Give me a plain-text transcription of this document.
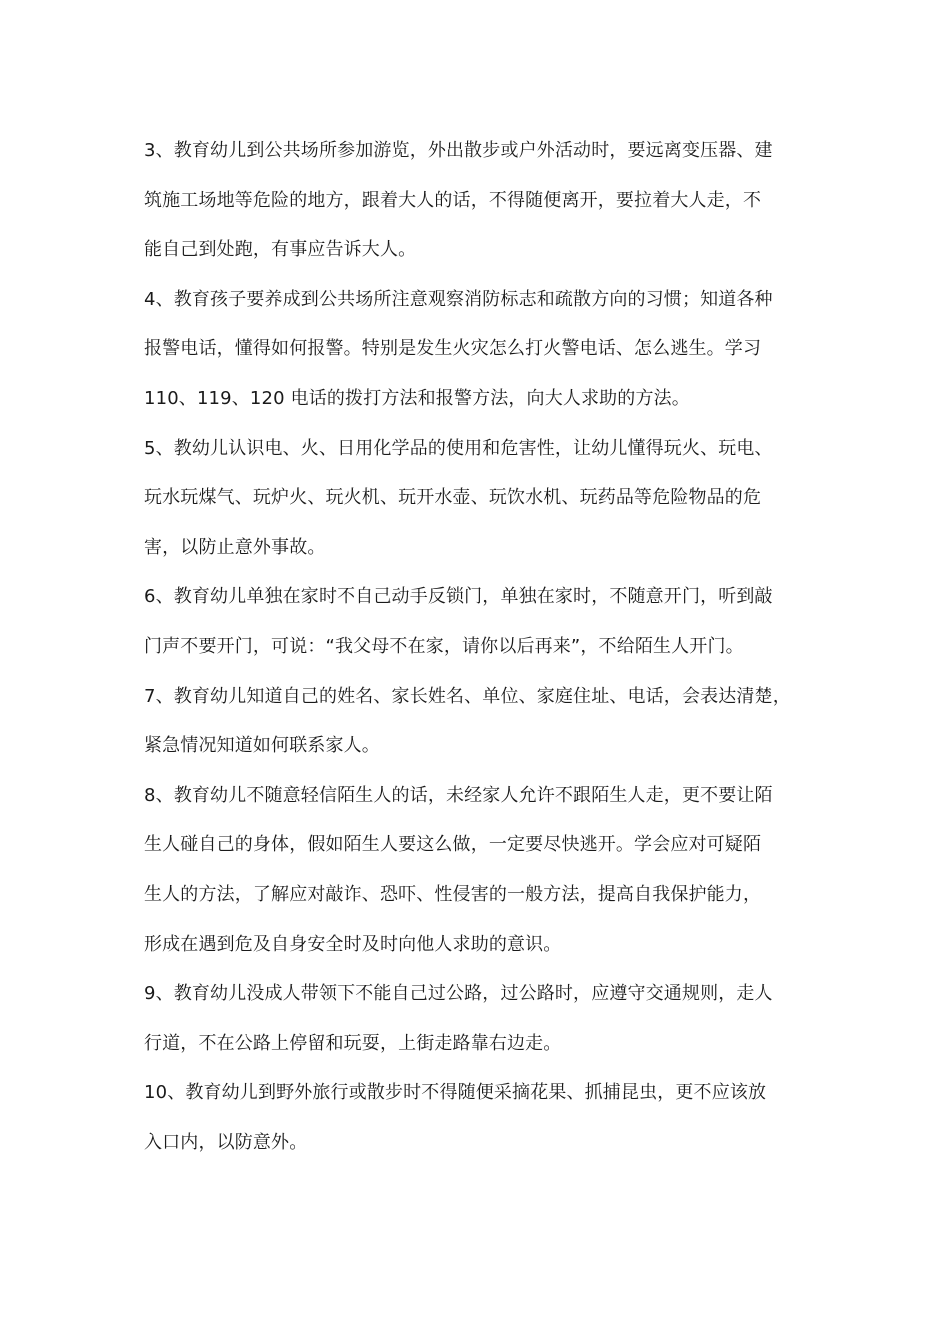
3、教育幼儿到公共场所参加游览，外出散步或户外活动时，要远离变压器、建
筑施工场地等危险的地方，跟着大人的话，不得随便离开，要拉着大人走，不
能自己到处跑，有事应告诉大人。
4、教育孩子要养成到公共场所注意观察消防标志和疏散方向的习惯；知道各种
报警电话，懂得如何报警。特别是发生火灾怎么打火警电话、怎么逃生。学习
110、119、120 电话的拨打方法和报警方法，向大人求助的方法。
5、教幼儿认识电、火、日用化学品的使用和危害性，让幼儿懂得玩火、玩电、
玩水玩煤气、玩炉火、玩火机、玩开水壶、玩饮水机、玩药品等危险物品的危
害，以防止意外事故。
6、教育幼儿单独在家时不自己动手反锁门，单独在家时，不随意开门，听到敲
门声不要开门，可说：“我父母不在家，请你以后再来”，不给陌生人开门。
7、教育幼儿知道自己的姓名、家长姓名、单位、家庭住址、电话，会表达清楚，
紧急情况知道如何联系家人。
8、教育幼儿不随意轻信陌生人的话，未经家人允许不跟陌生人走，更不要让陌
生人碰自己的身体，假如陌生人要这么做，一定要尽快逃开。学会应对可疑陌
生人的方法，了解应对敲诈、恐吓、性侵害的一般方法，提高自我保护能力，
形成在遇到危及自身安全时及时向他人求助的意识。
9、教育幼儿没成人带领下不能自己过公路，过公路时，应遵守交通规则，走人
行道，不在公路上停留和玩耍，上街走路靠右边走。
10、教育幼儿到野外旅行或散步时不得随便采摘花果、抓捕昆虫，更不应该放
入口内，以防意外。
